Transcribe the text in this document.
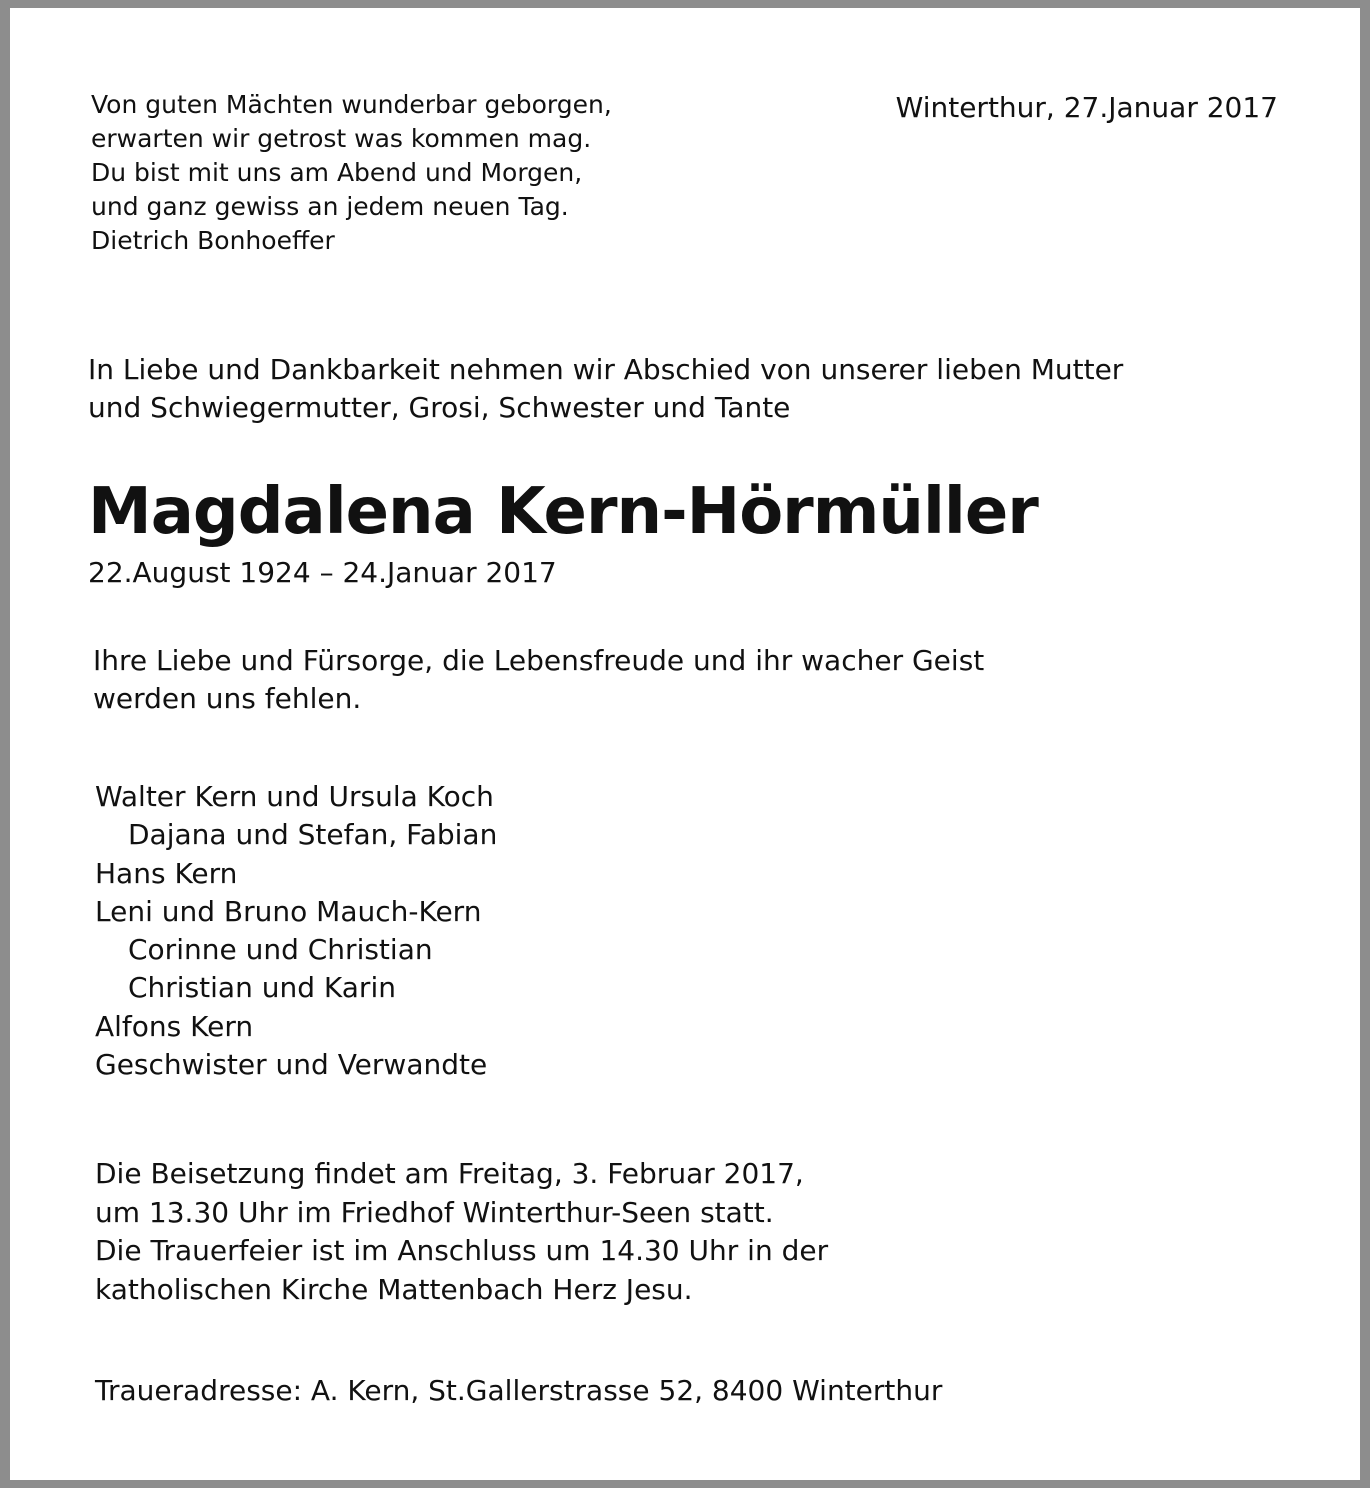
Von guten Mächten wunderbar geborgen,
erwarten wir getrost was kommen mag.
Du bist mit uns am Abend und Morgen,
und ganz gewiss an jedem neuen Tag.
Dietrich Bonhoeffer
Winterthur, 27.Januar 2017
In Liebe und Dankbarkeit nehmen wir Abschied von unserer lieben Mutter
und Schwiegermutter, Grosi, Schwester und Tante
Magdalena Kern-Hörmüller
22.August 1924 – 24.Januar 2017
Ihre Liebe und Fürsorge, die Lebensfreude und ihr wacher Geist
werden uns fehlen.
Walter Kern und Ursula Koch
Dajana und Stefan, Fabian
Hans Kern
Leni und Bruno Mauch-Kern
Corinne und Christian
Christian und Karin
Alfons Kern
Geschwister und Verwandte
Die Beisetzung findet am Freitag, 3. Februar 2017,
um 13.30 Uhr im Friedhof Winterthur-Seen statt.
Die Trauerfeier ist im Anschluss um 14.30 Uhr in der
katholischen Kirche Mattenbach Herz Jesu.
Traueradresse: A. Kern, St.Gallerstrasse 52, 8400 Winterthur
